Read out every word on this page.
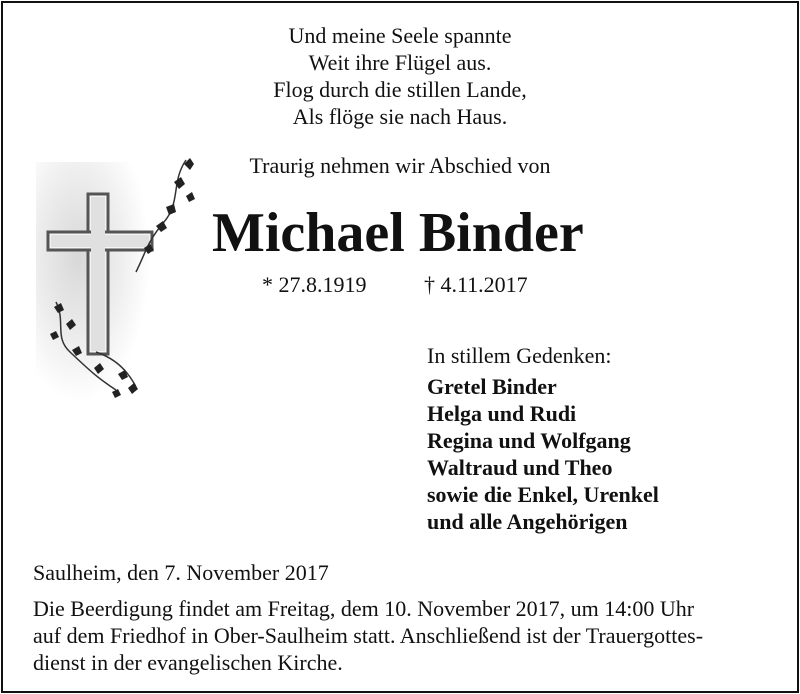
Und meine Seele spannte
Weit ihre Flügel aus.
Flog durch die stillen Lande,
Als flöge sie nach Haus.
Traurig nehmen wir Abschied von
Michael Binder
* 27.8.1919	† 4.11.2017
In stillem Gedenken:
Gretel Binder
Helga und Rudi
Regina und Wolfgang
Waltraud und Theo
sowie die Enkel, Urenkel
und alle Angehörigen
Saulheim, den 7. November 2017
Die Beerdigung findet am Freitag, dem 10. November 2017, um 14:00 Uhr
auf dem Friedhof in Ober-Saulheim statt. Anschließend ist der Trauergottes-
dienst in der evangelischen Kirche.
